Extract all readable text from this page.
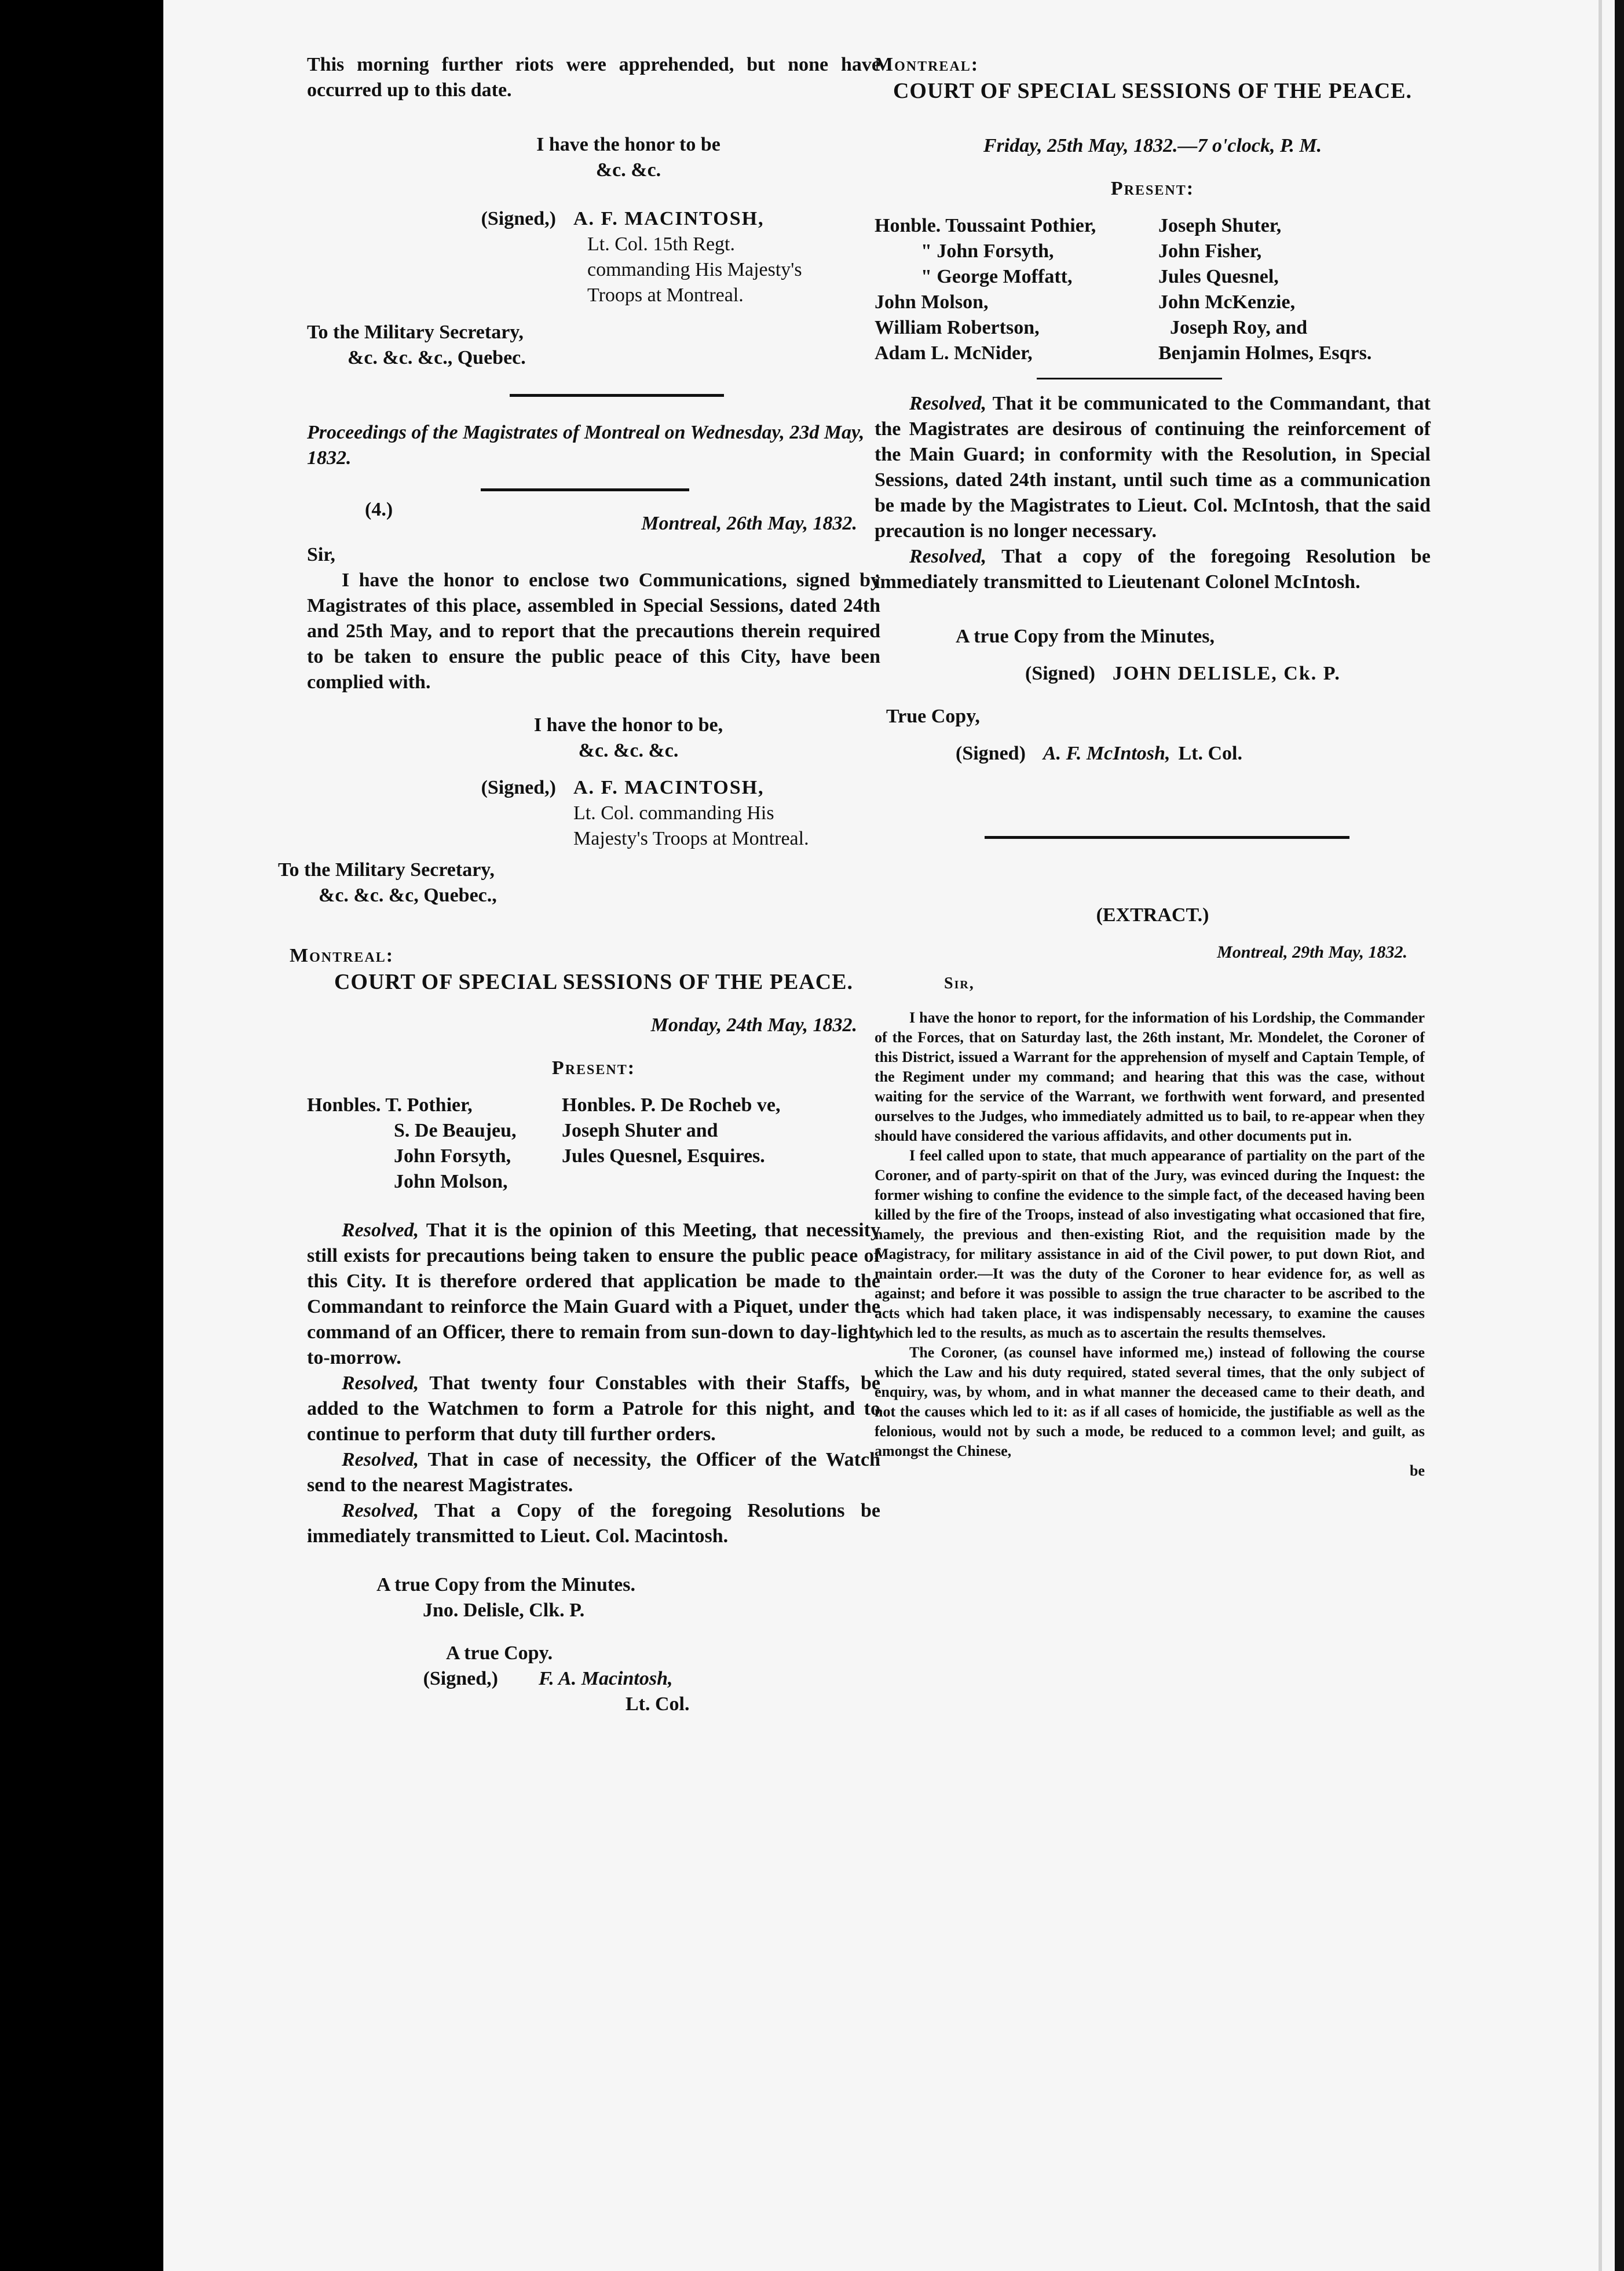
This morning further riots were apprehended, but none have occurred up to this date.

I have the honor to be

&c. &c.

(Signed,) A. F. MACINTOSH,

Lt. Col. 15th Regt. commanding His Majesty's Troops at Montreal.

To the Military Secretary,

&c. &c. &c., Quebec.

Proceedings of the Magistrates of Montreal on Wednesday, 23d May, 1832.

(4.)

Montreal, 26th May, 1832.

Sir,

I have the honor to enclose two Communications, signed by Magistrates of this place, assembled in Special Sessions, dated 24th and 25th May, and to report that the precautions therein required to be taken to ensure the public peace of this City, have been complied with.

I have the honor to be,

&c. &c. &c.

(Signed,) A. F. MACINTOSH,

Lt. Col. commanding His Majesty's Troops at Montreal.

To the Military Secretary,

&c. &c. &c, Quebec.,

Montreal:

COURT OF SPECIAL SESSIONS OF THE PEACE.

Monday, 24th May, 1832.

Present:

Honbles. T. Pothier,

S. De Beaujeu,

John Forsyth,

John Molson,

Honbles. P. De Rocheb ve,

Joseph Shuter and

Jules Quesnel, Esquires.

Resolved, That it is the opinion of this Meeting, that necessity still exists for precautions being taken to ensure the public peace of this City. It is therefore ordered that application be made to the Commandant to reinforce the Main Guard with a Piquet, under the command of an Officer, there to remain from sun-down to day-light, to-morrow.

Resolved, That twenty four Constables with their Staffs, be added to the Watchmen to form a Patrole for this night, and to continue to perform that duty till further orders.

Resolved, That in case of necessity, the Officer of the Watch send to the nearest Magistrates.

Resolved, That a Copy of the foregoing Resolutions be immediately transmitted to Lieut. Col. Macintosh.

A true Copy from the Minutes.

Jno. Delisle, Clk. P.

A true Copy.

(Signed,)	F. A. Macintosh,

Lt. Col.

Montreal:

COURT OF SPECIAL SESSIONS OF THE PEACE.

Friday, 25th May, 1832.—7 o'clock, P. M.

Present:

Honble. Toussaint Pothier,

" John Forsyth,

" George Moffatt,

John Molson,

William Robertson,

Adam L. McNider,

Joseph Shuter,

John Fisher,

Jules Quesnel,

John McKenzie,

Joseph Roy, and

Benjamin Holmes, Esqrs.

Resolved, That it be communicated to the Commandant, that the Magistrates are desirous of continuing the reinforcement of the Main Guard; in conformity with the Resolution, in Special Sessions, dated 24th instant, until such time as a communication be made by the Magistrates to Lieut. Col. McIntosh, that the said precaution is no longer necessary.

Resolved, That a copy of the foregoing Resolution be immediately transmitted to Lieutenant Colonel McIntosh.

A true Copy from the Minutes,

(Signed) JOHN DELISLE, Ck. P.

True Copy,

(Signed) A. F. McIntosh, Lt. Col.

(EXTRACT.)

Montreal, 29th May, 1832.

Sir,

I have the honor to report, for the information of his Lordship, the Commander of the Forces, that on Saturday last, the 26th instant, Mr. Mondelet, the Coroner of this District, issued a Warrant for the apprehension of myself and Captain Temple, of the Regiment under my command; and hearing that this was the case, without waiting for the service of the Warrant, we forthwith went forward, and presented ourselves to the Judges, who immediately admitted us to bail, to re-appear when they should have considered the various affidavits, and other documents put in.

I feel called upon to state, that much appearance of partiality on the part of the Coroner, and of party-spirit on that of the Jury, was evinced during the Inquest: the former wishing to confine the evidence to the simple fact, of the deceased having been killed by the fire of the Troops, instead of also investigating what occasioned that fire, namely, the previous and then-existing Riot, and the requisition made by the Magistracy, for military assistance in aid of the Civil power, to put down Riot, and maintain order.—It was the duty of the Coroner to hear evidence for, as well as against; and before it was possible to assign the true character to be ascribed to the acts which had taken place, it was indispensably necessary, to examine the causes which led to the results, as much as to ascertain the results themselves.

The Coroner, (as counsel have informed me,) instead of following the course which the Law and his duty required, stated several times, that the only subject of enquiry, was, by whom, and in what manner the deceased came to their death, and not the causes which led to it: as if all cases of homicide, the justifiable as well as the felonious, would not by such a mode, be reduced to a common level; and guilt, as amongst the Chinese,

be
